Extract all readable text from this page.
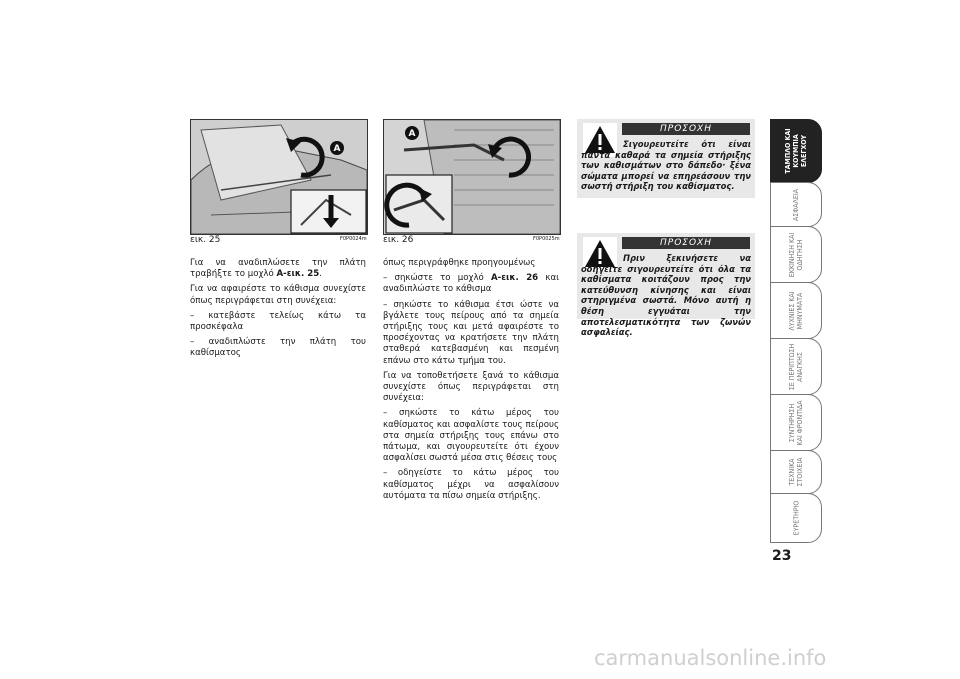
A
εικ. 25	F0P0024m
A
εικ. 26	F0P0025m

Για να αναδιπλώσετε την πλάτη τραβήξτε το μοχλό A-εικ. 25.

Για να αφαιρέστε το κάθισμα συνεχίστε όπως περιγράφεται στη συνέχεια:

– κατεβάστε τελείως κάτω τα προσκέφαλα

– αναδιπλώστε την πλάτη του καθίσματος

όπως περιγράφθηκε προηγουμένως

– σηκώστε το μοχλό A-εικ. 26 και αναδιπλώστε το κάθισμα

– σηκώστε το κάθισμα έτσι ώστε να βγάλετε τους πείρους από τα σημεία στήριξης τους και μετά αφαιρέστε το προσέχοντας να κρατήσετε την πλάτη σταθερά κατεβασμένη και πεσμένη επάνω στο κάτω τμήμα του.

Για να τοποθετήσετε ξανά το κάθισμα συνεχίστε όπως περιγράφεται στη συνέχεια:

– σηκώστε το κάτω μέρος του καθίσματος και ασφαλίστε τους πείρους στα σημεία στήριξης τους επάνω στο πάτωμα, και σιγουρευτείτε ότι έχουν ασφαλίσει σωστά μέσα στις θέσεις τους

– οδηγείστε το κάτω μέρος του καθίσματος μέχρι να ασφαλίσουν αυτόματα τα πίσω σημεία στήριξης.

ΠΡΟΣΟΧΗ
Σιγουρευτείτε ότι είναι πάντα καθαρά τα σημεία στήριξης των καθισμάτων στο δάπεδο· ξένα σώματα μπορεί να επηρεάσουν την σωστή στήριξη του καθίσματος.
ΠΡΟΣΟΧΗ
Πριν ξεκινήσετε να οδηγείτε σιγουρευτείτε ότι όλα τα καθίσματα κοιτάζουν προς την κατεύθυνση κίνησης και είναι στηριγμένα σωστά. Μόνο αυτή η θέση εγγυάται την αποτελεσματικότητα των ζωνών ασφαλείας.
ΤΑΜΠΛΟ ΚΑΙ ΚΟΥΜΠΙΑ ΕΛΕΓΧΟΥ
ΑΣΦΑΛΕΙΑ
ΕΚΚΙΝΗΣΗ ΚΑΙ ΟΔΗΓΗΣΗ
ΛΥΧΝΙΕΣ ΚΑΙ ΜΗΝΥΜΑΤΑ
ΣΕ ΠΕΡΙΠΤΩΣΗ ΑΝΑΓΚΗΣ
ΣΥΝΤΗΡΗΣΗ ΚΑΙ ΦΡΟΝΤΙΔΑ
ΤΕΧΝΙΚΑ ΣΤΟΙΧΕΙΑ
ΕΥΡΕΤΗΡΙΟ
23
carmanualsonline.info
